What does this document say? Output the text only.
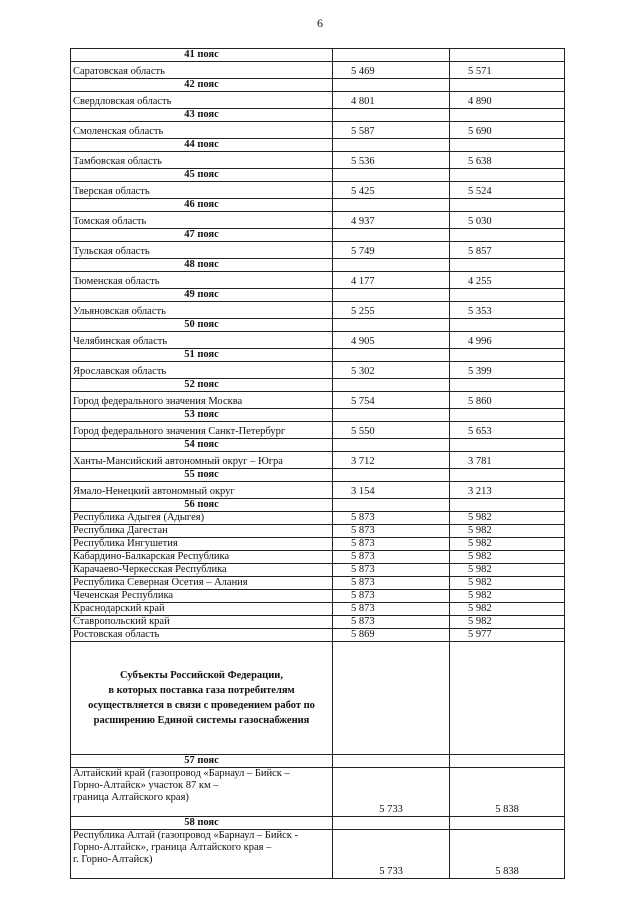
6
41 пояс		
Саратовская область	5 469	5 571
42 пояс		
Свердловская область	4 801	4 890
43 пояс		
Смоленская область	5 587	5 690
44 пояс		
Тамбовская область	5 536	5 638
45 пояс		
Тверская область	5 425	5 524
46 пояс		
Томская область	4 937	5 030
47 пояс		
Тульская область	5 749	5 857
48 пояс		
Тюменская область	4 177	4 255
49 пояс		
Ульяновская область	5 255	5 353
50 пояс		
Челябинская область	4 905	4 996
51 пояс		
Ярославская область	5 302	5 399
52 пояс		
Город федерального значения Москва	5 754	5 860
53 пояс		
Город федерального значения Санкт-Петербург	5 550	5 653
54 пояс		
Ханты-Мансийский автономный округ – Югра	3 712	3 781
55 пояс		
Ямало-Ненецкий автономный округ	3 154	3 213
56 пояс		
Республика Адыгея (Адыгея)	5 873	5 982
Республика Дагестан	5 873	5 982
Республика Ингушетия	5 873	5 982
Кабардино-Балкарская Республика	5 873	5 982
Карачаево-Черкесская Республика	5 873	5 982
Республика Северная Осетия – Алания	5 873	5 982
Чеченская Республика	5 873	5 982
Краснодарский край	5 873	5 982
Ставропольский край	5 873	5 982
Ростовская область	5 869	5 977

Субъекты Российской Федерации,
в которых поставка газа потребителям
осуществляется в связи с проведением работ по
расширению Единой системы газоснабжения		

57 пояс		

Алтайский край (газопровод «Барнаул – Бийск –
Горно-Алтайск» участок 87 км –
граница Алтайского края)	5 733	5 838
58 пояс		

Республика Алтай (газопровод «Барнаул – Бийск -
Горно-Алтайск», граница Алтайского края –
г. Горно-Алтайск)	5 733	5 838
